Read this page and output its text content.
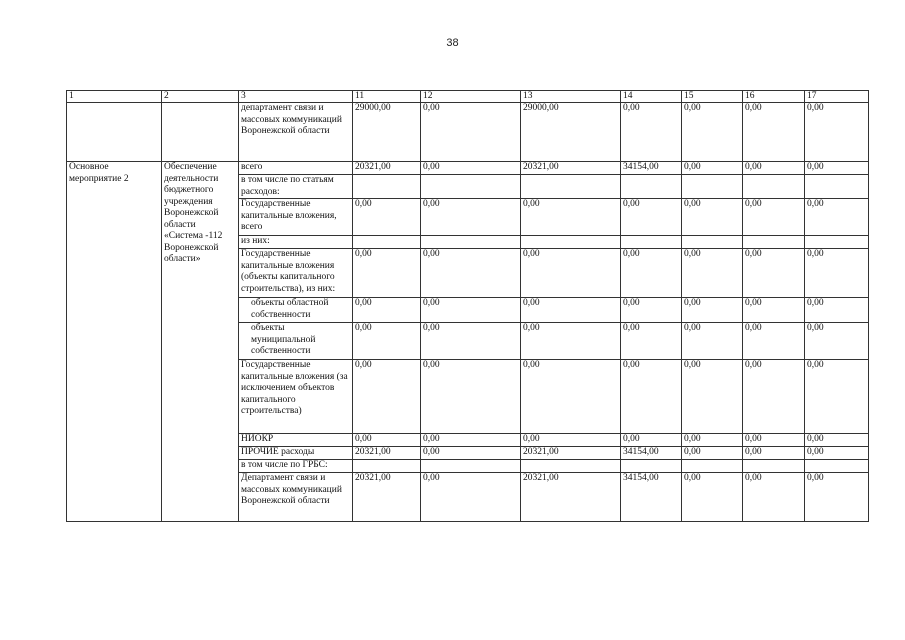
38
1	2	3	11	12	13	14	15	16	17
		департамент связи и массовых коммуникаций Воронежской области	29000,00	0,00	29000,00	0,00	0,00	0,00	0,00
Основное мероприятие 2	Обеспечение деятельности бюджетного учреждения Воронежской области «Система -112 Воронежской области»	всего	20321,00	0,00	20321,00	34154,00	0,00	0,00	0,00
		в том числе по статьям расходов:							
		Государственные капитальные вложения, всего	0,00	0,00	0,00	0,00	0,00	0,00	0,00
		из них:							
		Государственные капитальные вложения (объекты капитального строительства), из них:	0,00	0,00	0,00	0,00	0,00	0,00	0,00
		объекты областной собственности	0,00	0,00	0,00	0,00	0,00	0,00	0,00
		объекты муниципальной собственности	0,00	0,00	0,00	0,00	0,00	0,00	0,00
		Государственные капитальные вложения (за исключением объектов капитального строительства)	0,00	0,00	0,00	0,00	0,00	0,00	0,00
		НИОКР	0,00	0,00	0,00	0,00	0,00	0,00	0,00
		ПРОЧИЕ расходы	20321,00	0,00	20321,00	34154,00	0,00	0,00	0,00
		в том числе по ГРБС:							
		Департамент связи и массовых коммуникаций Воронежской области	20321,00	0,00	20321,00	34154,00	0,00	0,00	0,00
